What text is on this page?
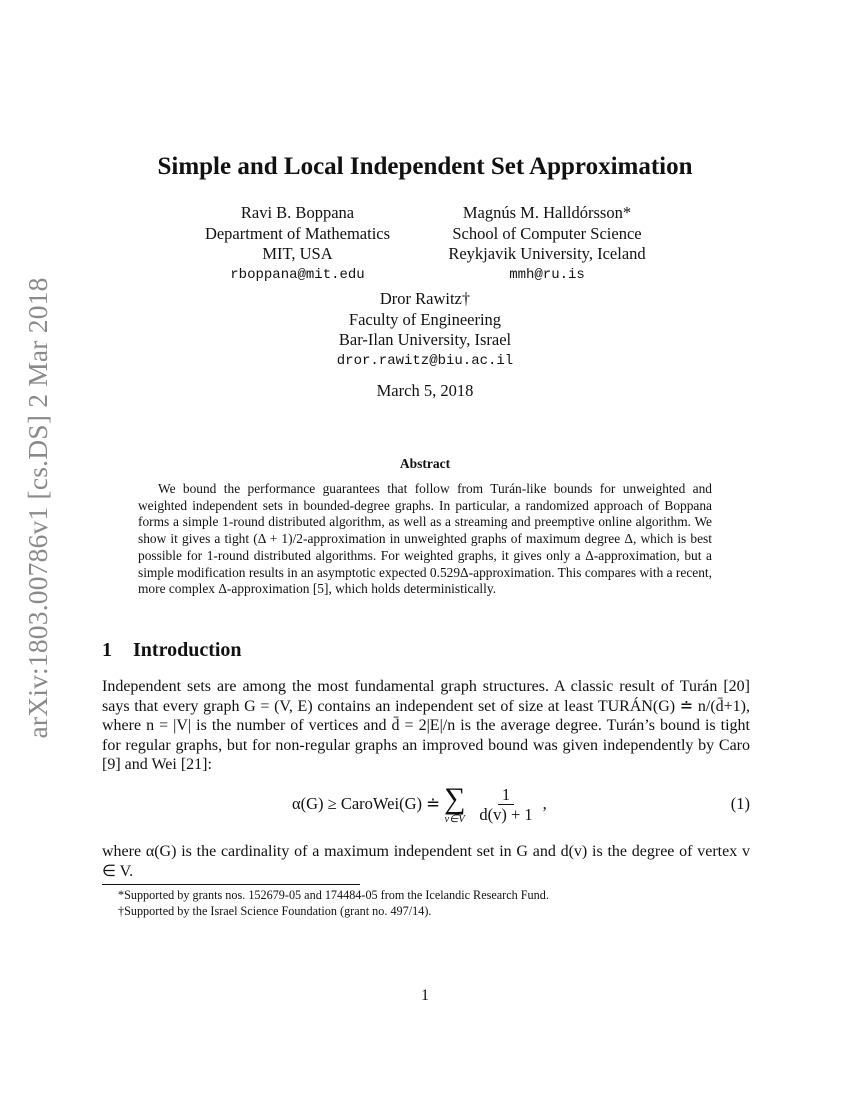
arXiv:1803.00786v1 [cs.DS] 2 Mar 2018
Simple and Local Independent Set Approximation
Ravi B. Boppana
Department of Mathematics
MIT, USA
rboppana@mit.edu
Magnús M. Halldórsson*
School of Computer Science
Reykjavik University, Iceland
mmh@ru.is
Dror Rawitz†
Faculty of Engineering
Bar-Ilan University, Israel
dror.rawitz@biu.ac.il
March 5, 2018
Abstract

We bound the performance guarantees that follow from Turán-like bounds for unweighted and weighted independent sets in bounded-degree graphs. In particular, a randomized approach of Boppana forms a simple 1-round distributed algorithm, as well as a streaming and preemptive online algorithm. We show it gives a tight (Δ + 1)/2-approximation in unweighted graphs of maximum degree Δ, which is best possible for 1-round distributed algorithms. For weighted graphs, it gives only a Δ-approximation, but a simple modification results in an asymptotic expected 0.529Δ-approximation. This compares with a recent, more complex Δ-approximation [5], which holds deterministically.

1 Introduction

Independent sets are among the most fundamental graph structures. A classic result of Turán [20] says that every graph G = (V, E) contains an independent set of size at least TURÁN(G) ≐ n/(d̄+1), where n = |V| is the number of vertices and d̄ = 2|E|/n is the average degree. Turán’s bound is tight for regular graphs, but for non-regular graphs an improved bound was given independently by Caro [9] and Wei [21]:

α(G) ≥ CaroWei(G) ≐ ∑
v∈V $\frac{1}{d(v) + 1}$ ,	(1)

where α(G) is the cardinality of a maximum independent set in G and d(v) is the degree of vertex v ∈ V.

*Supported by grants nos. 152679-05 and 174484-05 from the Icelandic Research Fund.
†Supported by the Israel Science Foundation (grant no. 497/14).
1
